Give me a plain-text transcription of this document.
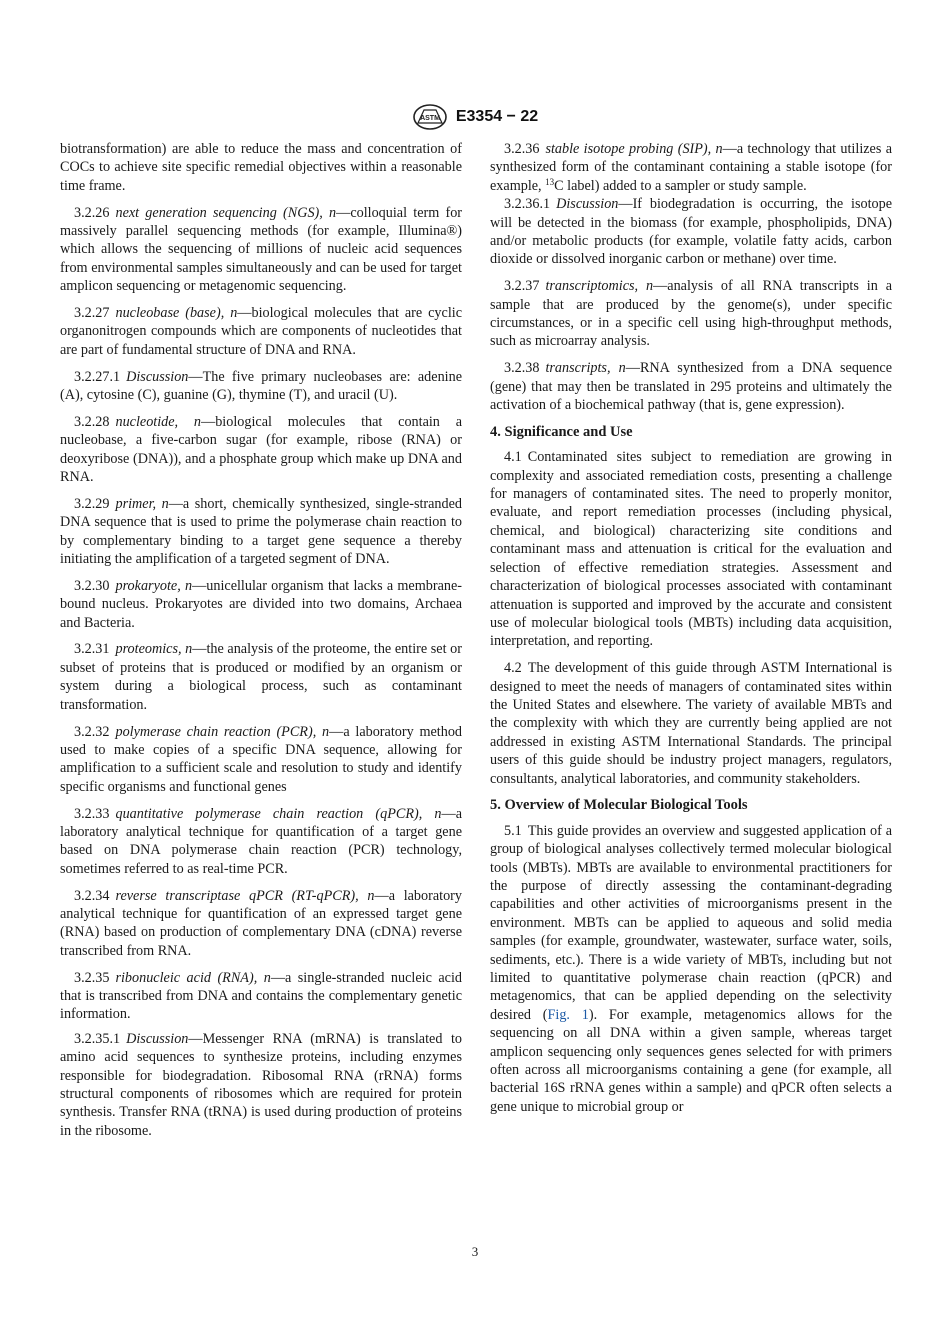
ASTM E3354 − 22

biotransformation) are able to reduce the mass and concentration of COCs to achieve site specific remedial objectives within a reasonable time frame.

3.2.26 next generation sequencing (NGS), n—colloquial term for massively parallel sequencing methods (for example, Illumina®) which allows the sequencing of millions of nucleic acid sequences from environmental samples simultaneously and can be used for target amplicon sequencing or metagenomic sequencing.

3.2.27 nucleobase (base), n—biological molecules that are cyclic organonitrogen compounds which are components of nucleotides that are part of fundamental structure of DNA and RNA.

3.2.27.1 Discussion—The five primary nucleobases are: adenine (A), cytosine (C), guanine (G), thymine (T), and uracil (U).

3.2.28 nucleotide, n—biological molecules that contain a nucleobase, a five-carbon sugar (for example, ribose (RNA) or deoxyribose (DNA)), and a phosphate group which make up DNA and RNA.

3.2.29 primer, n—a short, chemically synthesized, single-stranded DNA sequence that is used to prime the polymerase chain reaction to by complementary binding to a target gene sequence a thereby initiating the amplification of a targeted segment of DNA.

3.2.30 prokaryote, n—unicellular organism that lacks a membrane-bound nucleus. Prokaryotes are divided into two domains, Archaea and Bacteria.

3.2.31 proteomics, n—the analysis of the proteome, the entire set or subset of proteins that is produced or modified by an organism or system during a biological process, such as contaminant transformation.

3.2.32 polymerase chain reaction (PCR), n—a laboratory method used to make copies of a specific DNA sequence, allowing for amplification to a sufficient scale and resolution to study and identify specific organisms and functional genes

3.2.33 quantitative polymerase chain reaction (qPCR), n—a laboratory analytical technique for quantification of a target gene based on DNA polymerase chain reaction (PCR) technology, sometimes referred to as real-time PCR.

3.2.34 reverse transcriptase qPCR (RT-qPCR), n—a laboratory analytical technique for quantification of an expressed target gene (RNA) based on production of complementary DNA (cDNA) reverse transcribed from RNA.

3.2.35 ribonucleic acid (RNA), n—a single-stranded nucleic acid that is transcribed from DNA and contains the complementary genetic information.

3.2.35.1 Discussion—Messenger RNA (mRNA) is translated to amino acid sequences to synthesize proteins, including enzymes responsible for biodegradation. Ribosomal RNA (rRNA) forms structural components of ribosomes which are required for protein synthesis. Transfer RNA (tRNA) is used during production of proteins in the ribosome.

3.2.36 stable isotope probing (SIP), n—a technology that utilizes a synthesized form of the contaminant containing a stable isotope (for example, $^{13}$C label) added to a sampler or study sample.

3.2.36.1 Discussion—If biodegradation is occurring, the isotope will be detected in the biomass (for example, phospholipids, DNA) and/or metabolic products (for example, volatile fatty acids, carbon dioxide or dissolved inorganic carbon or methane) over time.

3.2.37 transcriptomics, n—analysis of all RNA transcripts in a sample that are produced by the genome(s), under specific circumstances, or in a specific cell using high-throughput methods, such as microarray analysis.

3.2.38 transcripts, n—RNA synthesized from a DNA sequence (gene) that may then be translated in 295 proteins and ultimately the activation of a biochemical pathway (that is, gene expression).

4. Significance and Use

4.1 Contaminated sites subject to remediation are growing in complexity and associated remediation costs, presenting a challenge for managers of contaminated sites. The need to properly monitor, evaluate, and report remediation processes (including physical, chemical, and biological) characterizing site conditions and contaminant mass and attenuation is critical for the evaluation and selection of effective remediation strategies. Assessment and characterization of biological processes associated with contaminant attenuation is supported and improved by the accurate and consistent use of molecular biological tools (MBTs) including data acquisition, interpretation, and reporting.

4.2 The development of this guide through ASTM International is designed to meet the needs of managers of contaminated sites within the United States and elsewhere. The variety of available MBTs and the complexity with which they are currently being applied are not addressed in existing ASTM International Standards. The principal users of this guide should be industry project managers, regulators, consultants, analytical laboratories, and community stakeholders.

5. Overview of Molecular Biological Tools

5.1 This guide provides an overview and suggested application of a group of biological analyses collectively termed molecular biological tools (MBTs). MBTs are available to environmental practitioners for the purpose of directly assessing the contaminant-degrading capabilities and other activities of microorganisms present in the environment. MBTs can be applied to aqueous and solid media samples (for example, groundwater, wastewater, surface water, soils, sediments, etc.). There is a wide variety of MBTs, including but not limited to quantitative polymerase chain reaction (qPCR) and metagenomics, that can be applied depending on the selectivity desired (Fig. 1). For example, metagenomics allows for the sequencing on all DNA within a given sample, whereas target amplicon sequencing only sequences genes selected for with primers often across all microorganisms containing a gene (for example, all bacterial 16S rRNA genes within a sample) and qPCR often selects a gene unique to microbial group or

3
